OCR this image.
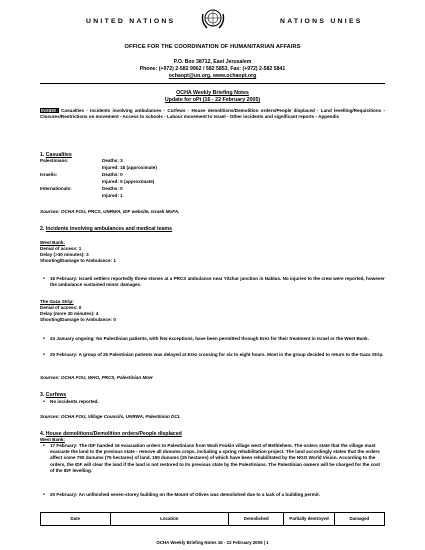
UNITED NATIONS	NATIONS UNIES
OFFICE FOR THE COORDINATION OF HUMANITARIAN AFFAIRS
P.O. Box 38712, East Jerusalem
Phone: (+972) 2-582 9962 / 582 5853, Fax: (+972) 2-582 5841
ochaopt@un.org, www.ochaopt.org
OCHA Weekly Briefing Notes
Update for oPt (16 - 22 February 2005)
INSIDE: Casualties - Incidents involving ambulances - Curfews - House demolitions/Demolition orders/People displaced - Land levelling/Requisitions - Closures/Restrictions on movement - Access to schools - Labour movement to Israel - Other incidents and significant reports - Appendix
1. Casualties
Palestinians:	Deaths: 3
Injured: 18 (approximate)
Israelis:	Deaths: 0
Injured: 5 (approximate)
Internationals:	Deaths: 0
Injured: 1
Sources: OCHA FOU, PRCS, UNRWA, IDF website, Israeli MoFA.
2. Incidents involving ambulances and medical teams
West Bank:
Denial of access: 1
Delay (>30 minutes): 3
Shooting/Damage to Ambulance: 1
• 16 February: Israeli settlers reportedly threw stones at a PRCS ambulance near Yitzhar junction in Nablus. No injuries to the crew were reported, however the ambulance sustained minor damages.
The Gaza Strip:
Denial of access: 0
Delay (more 30 minutes): 4
Shooting/Damage to Ambulance: 0
• 24 January ongoing: No Palestinian patients, with few exceptions, have been permitted through Erez for their treatment in Israel or the West Bank.
• 20 February: A group of 25 Palestinian patients was delayed at Erez crossing for six to eight hours. Most in the group decided to return to the Gaza Strip.
Sources: OCHA FOU, WHO, PRCS, Palestinian MoH
3. Curfews
• No incidents reported.
Sources: OCHA FOU, Village Councils, UNRWA, Palestinian DCL
4. House demolitions/Demolition orders/People displaced
West Bank:
• 17 February: The IDF handed 16 evacuation orders to Palestinians from Wadi Foukin village west of Bethlehem. The orders state that the village must evacuate the land to the previous state - remove all dunums crops, including a spring rehabilitation project. The land accordingly states that the orders affect some 750 dunums (75 hectares) of land, 150 dunums (15 hectares) of which have been rehabilitated by the NGO World Vision. According to the orders, the IDF will clear the land if the land is not restored to its previous state by the Palestinians. The Palestinian owners will be charged for the cost of the IDF levelling.
• 20 February: An unfinished seven-storey building on the Mount of Olives was demolished due to a lack of a building permit.
Date	Location	Demolished	Partially destroyed	Damaged
OCHA Weekly Briefing Notes 16 - 22 February 2005 | 1
